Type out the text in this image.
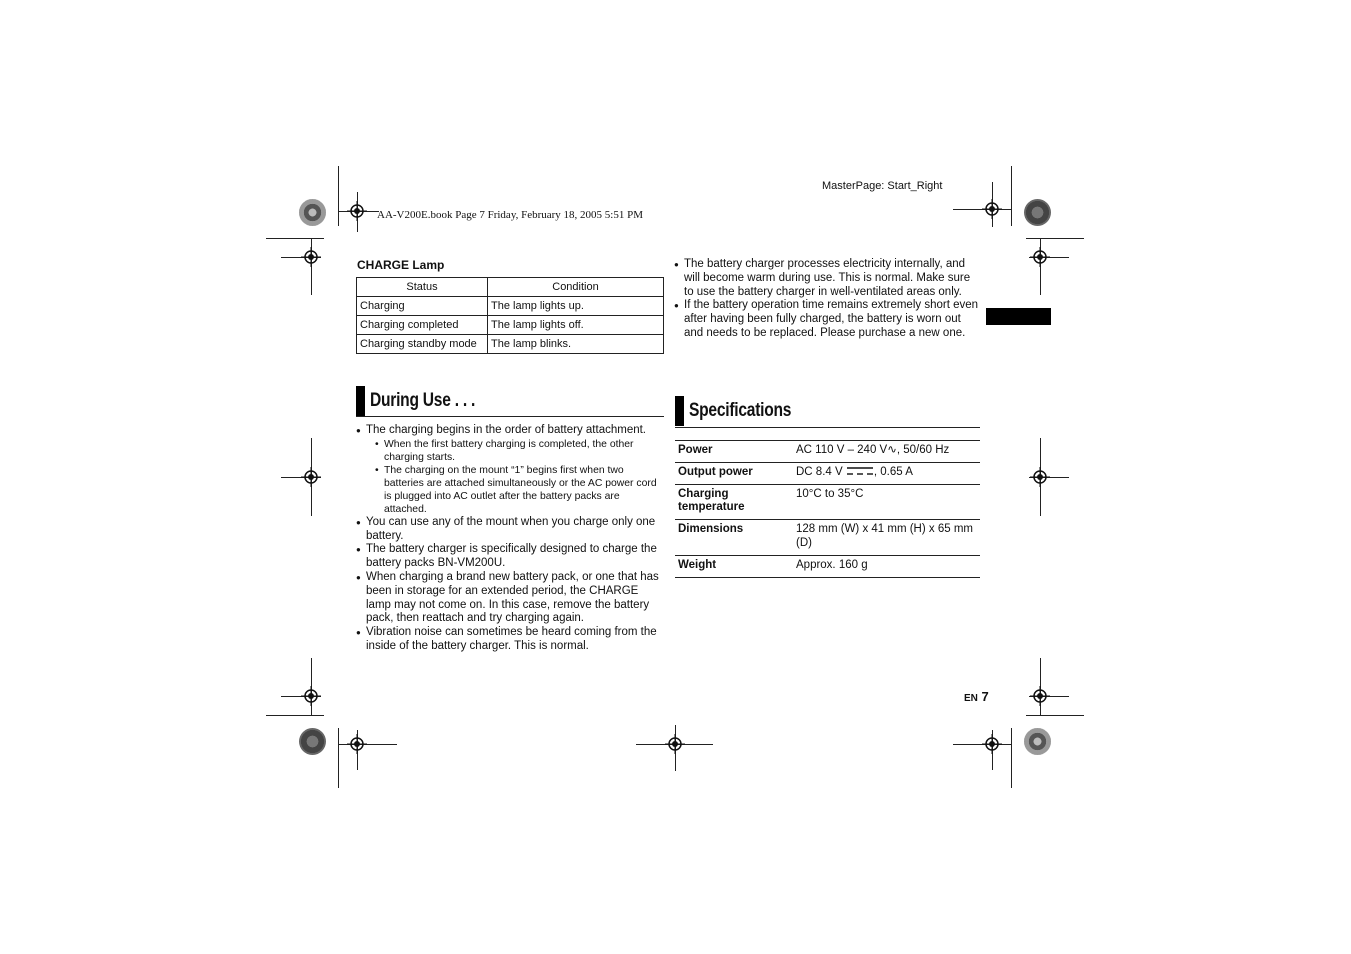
MasterPage: Start_Right
AA-V200E.book Page 7 Friday, February 18, 2005 5:51 PM
CHARGE Lamp
Status	Condition
Charging	The lamp lights up.
Charging completed	The lamp lights off.
Charging standby mode	The lamp blinks.
During Use . . .
● The charging begins in the order of battery attachment.
• When the first battery charging is completed, the other charging starts.
• The charging on the mount “1” begins first when two batteries are attached simultaneously or the AC power cord is plugged into AC outlet after the battery packs are attached.
● You can use any of the mount when you charge only one battery.
● The battery charger is specifically designed to charge the battery packs BN-VM200U.
● When charging a brand new battery pack, or one that has been in storage for an extended period, the CHARGE lamp may not come on. In this case, remove the battery pack, then reattach and try charging again.
● Vibration noise can sometimes be heard coming from the inside of the battery charger. This is normal.
● The battery charger processes electricity internally, and will become warm during use. This is normal. Make sure to use the battery charger in well-ventilated areas only.
● If the battery operation time remains extremely short even after having been fully charged, the battery is worn out and needs to be replaced. Please purchase a new one.
Specifications
Power	AC 110 V – 240 V∿, 50/60 Hz
Output power	DC 8.4 V , 0.65 A
Charging temperature	10°C to 35°C
Dimensions	128 mm (W) x 41 mm (H) x 65 mm (D)
Weight	Approx. 160 g
EN 7
